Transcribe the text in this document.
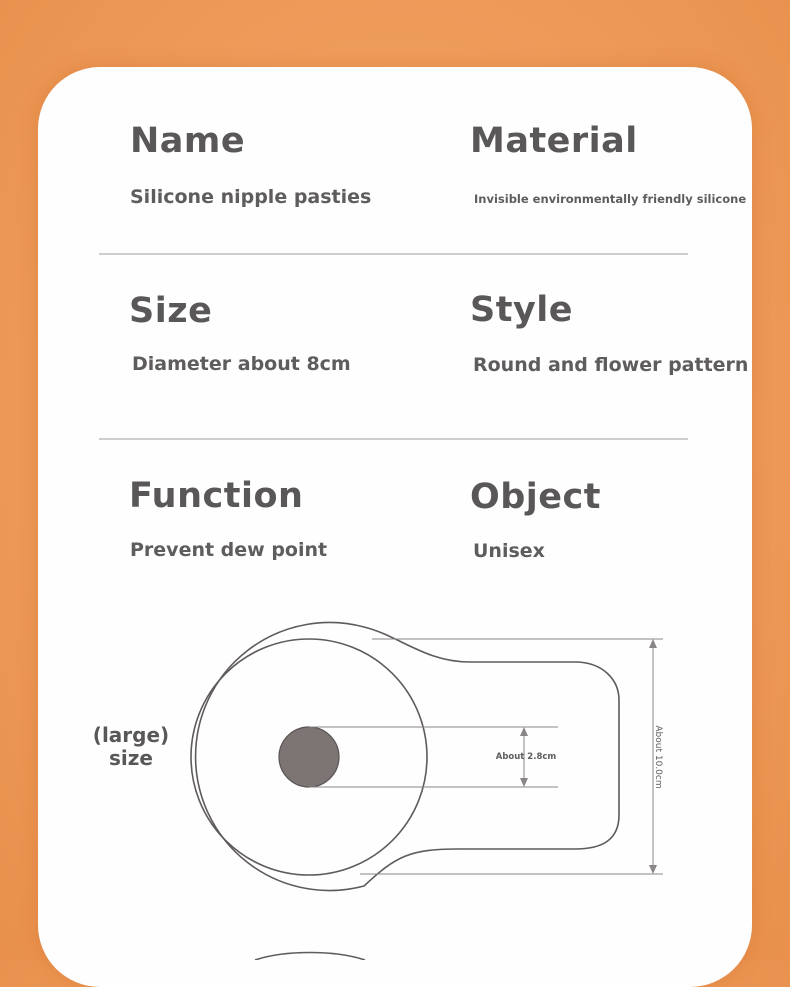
Name
Silicone nipple pasties
Material
Invisible environmentally friendly silicone
Size
Diameter about 8cm
Style
Round and flower pattern
Function
Prevent dew point
Object
Unisex
(large)
size	About 2.8cm	About 10.0cm
